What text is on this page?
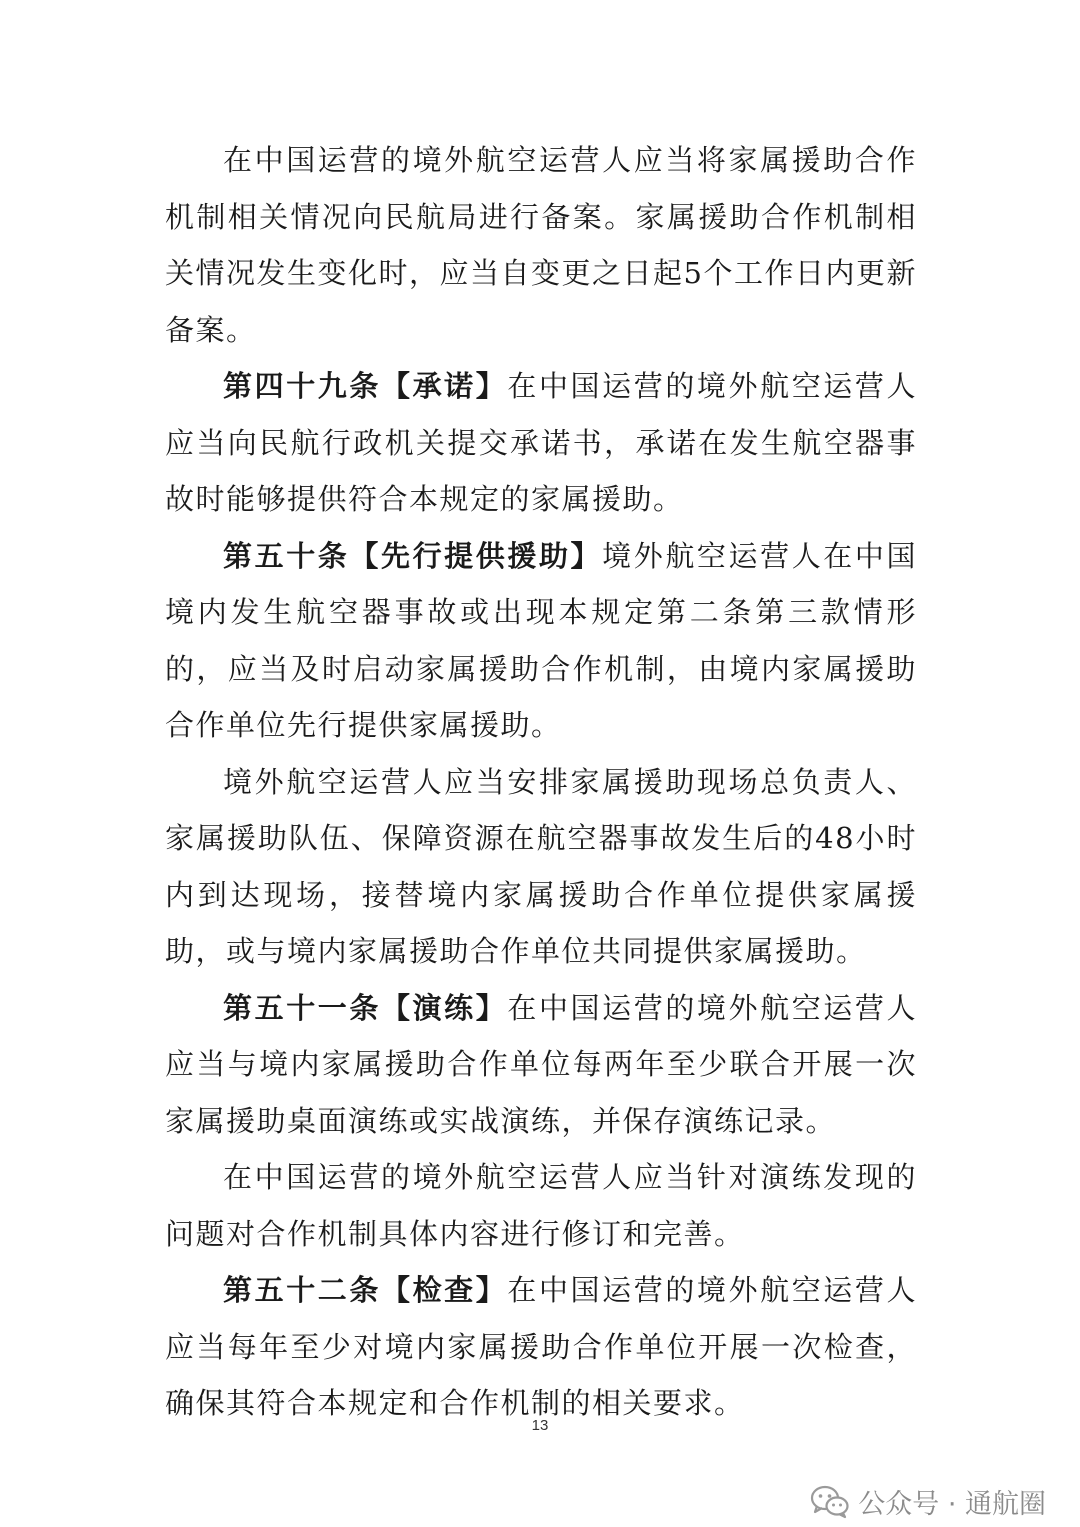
在中国运营的境外航空运营人应当将家属援助合作机制相关情况向民航局进行备案。家属援助合作机制相关情况发生变化时，应当自变更之日起5个工作日内更新备案。

第四十九条【承诺】在中国运营的境外航空运营人应当向民航行政机关提交承诺书，承诺在发生航空器事故时能够提供符合本规定的家属援助。

第五十条【先行提供援助】境外航空运营人在中国境内发生航空器事故或出现本规定第二条第三款情形的，应当及时启动家属援助合作机制，由境内家属援助合作单位先行提供家属援助。

境外航空运营人应当安排家属援助现场总负责人、家属援助队伍、保障资源在航空器事故发生后的48小时内到达现场，接替境内家属援助合作单位提供家属援助，或与境内家属援助合作单位共同提供家属援助。

第五十一条【演练】在中国运营的境外航空运营人应当与境内家属援助合作单位每两年至少联合开展一次家属援助桌面演练或实战演练，并保存演练记录。

在中国运营的境外航空运营人应当针对演练发现的问题对合作机制具体内容进行修订和完善。

第五十二条【检查】在中国运营的境外航空运营人应当每年至少对境内家属援助合作单位开展一次检查，确保其符合本规定和合作机制的相关要求。

13
公众号 · 通航圈
